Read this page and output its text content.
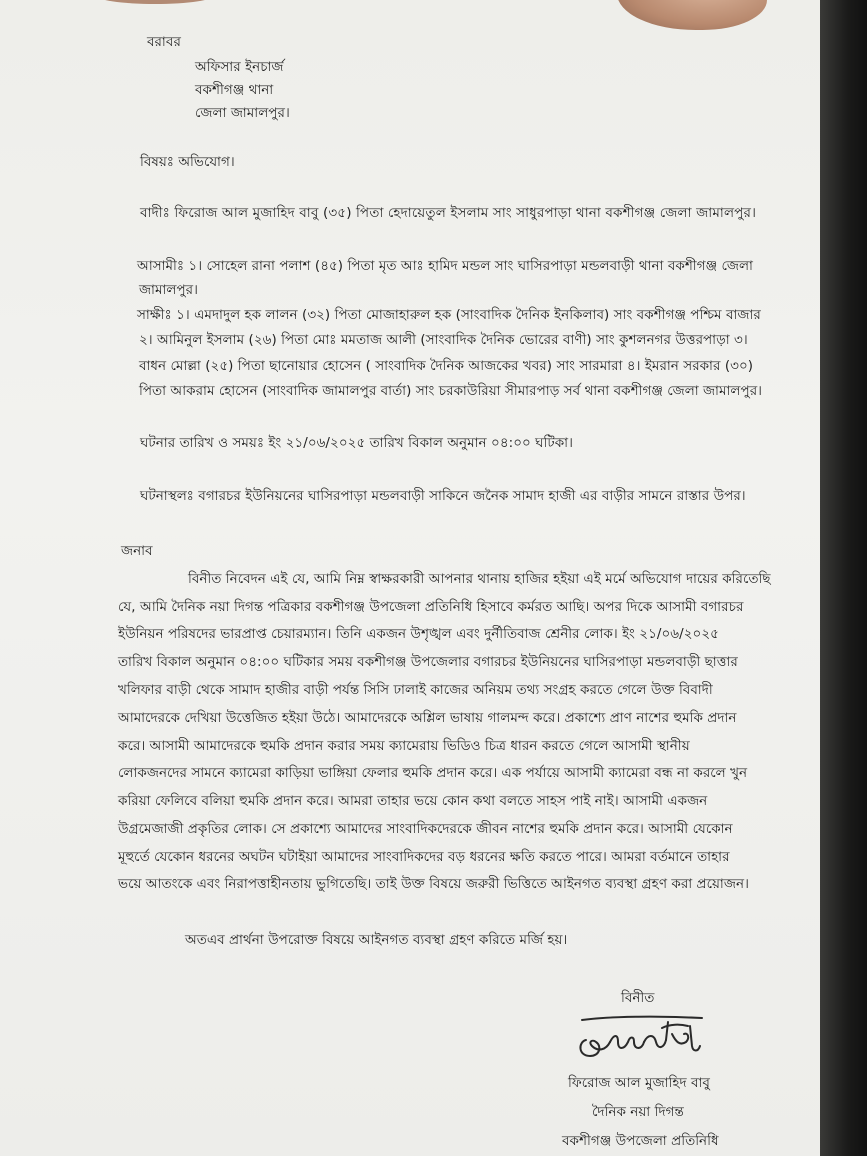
বরাবর
অফিসার ইনচার্জ
বকশীগঞ্জ থানা
জেলা জামালপুর।
বিষয়ঃ অভিযোগ।
বাদীঃ ফিরোজ আল মুজাহিদ বাবু (৩৫) পিতা হেদায়েতুল ইসলাম সাং সাধুরপাড়া থানা বকশীগঞ্জ জেলা জামালপুর।
আসামীঃ ১। সোহেল রানা পলাশ (৪৫) পিতা মৃত আঃ হামিদ মন্ডল সাং ঘাসিরপাড়া মন্ডলবাড়ী থানা বকশীগঞ্জ জেলা
জামালপুর।
সাক্ষীঃ ১। এমদাদুল হক লালন (৩২) পিতা মোজাহারুল হক (সাংবাদিক দৈনিক ইনকিলাব) সাং বকশীগঞ্জ পশ্চিম বাজার
২। আমিনুল ইসলাম (২৬) পিতা মোঃ মমতাজ আলী (সাংবাদিক দৈনিক ভোরের বাণী) সাং কুশলনগর উত্তরপাড়া ৩।
বাধন মোল্লা (২৫) পিতা ছানোয়ার হোসেন ( সাংবাদিক দৈনিক আজকের খবর) সাং সারমারা ৪। ইমরান সরকার (৩০)
পিতা আকরাম হোসেন (সাংবাদিক জামালপুর বার্তা) সাং চরকাউরিয়া সীমারপাড় সর্ব থানা বকশীগঞ্জ জেলা জামালপুর।
ঘটনার তারিখ ও সময়ঃ ইং ২১/০৬/২০২৫ তারিখ বিকাল অনুমান ০৪:০০ ঘটিকা।
ঘটনাস্থলঃ বগারচর ইউনিয়নের ঘাসিরপাড়া মন্ডলবাড়ী সাকিনে জনৈক সামাদ হাজী এর বাড়ীর সামনে রাস্তার উপর।
জনাব
বিনীত নিবেদন এই যে, আমি নিম্ন স্বাক্ষরকারী আপনার থানায় হাজির হইয়া এই মর্মে অভিযোগ দায়ের করিতেছি
যে, আমি দৈনিক নয়া দিগন্ত পত্রিকার বকশীগঞ্জ উপজেলা প্রতিনিধি হিসাবে কর্মরত আছি। অপর দিকে আসামী বগারচর
ইউনিয়ন পরিষদের ভারপ্রাপ্ত চেয়ারম্যান। তিনি একজন উশৃঙ্খল এবং দুর্নীতিবাজ শ্রেনীর লোক। ইং ২১/০৬/২০২৫
তারিখ বিকাল অনুমান ০৪:০০ ঘটিকার সময় বকশীগঞ্জ উপজেলার বগারচর ইউনিয়নের ঘাসিরপাড়া মন্ডলবাড়ী ছাত্তার
খলিফার বাড়ী থেকে সামাদ হাজীর বাড়ী পর্যন্ত সিসি ঢালাই কাজের অনিয়ম তথ্য সংগ্রহ করতে গেলে উক্ত বিবাদী
আমাদেরকে দেখিয়া উত্তেজিত হইয়া উঠে। আমাদেরকে অশ্লিল ভাষায় গালমন্দ করে। প্রকাশ্যে প্রাণ নাশের হুমকি প্রদান
করে। আসামী আমাদেরকে হুমকি প্রদান করার সময় ক্যামেরায় ভিডিও চিত্র ধারন করতে গেলে আসামী স্থানীয়
লোকজনদের সামনে ক্যামেরা কাড়িয়া ভাঙ্গিয়া ফেলার হুমকি প্রদান করে। এক পর্যায়ে আসামী ক্যামেরা বন্ধ না করলে খুন
করিয়া ফেলিবে বলিয়া হুমকি প্রদান করে। আমরা তাহার ভয়ে কোন কথা বলতে সাহস পাই নাই। আসামী একজন
উগ্রমেজাজী প্রকৃতির লোক। সে প্রকাশ্যে আমাদের সাংবাদিকদেরকে জীবন নাশের হুমকি প্রদান করে। আসামী যেকোন
মূহুর্তে যেকোন ধরনের অঘটন ঘটাইয়া আমাদের সাংবাদিকদের বড় ধরনের ক্ষতি করতে পারে। আমরা বর্তমানে তাহার
ভয়ে আতংকে এবং নিরাপত্তাহীনতায় ভুগিতেছি। তাই উক্ত বিষয়ে জরুরী ভিত্তিতে আইনগত ব্যবস্থা গ্রহণ করা প্রয়োজন।
অতএব প্রার্থনা উপরোক্ত বিষয়ে আইনগত ব্যবস্থা গ্রহণ করিতে মর্জি হয়।
বিনীত
ফিরোজ আল মুজাহিদ বাবু
দৈনিক নয়া দিগন্ত
বকশীগঞ্জ উপজেলা প্রতিনিধি
